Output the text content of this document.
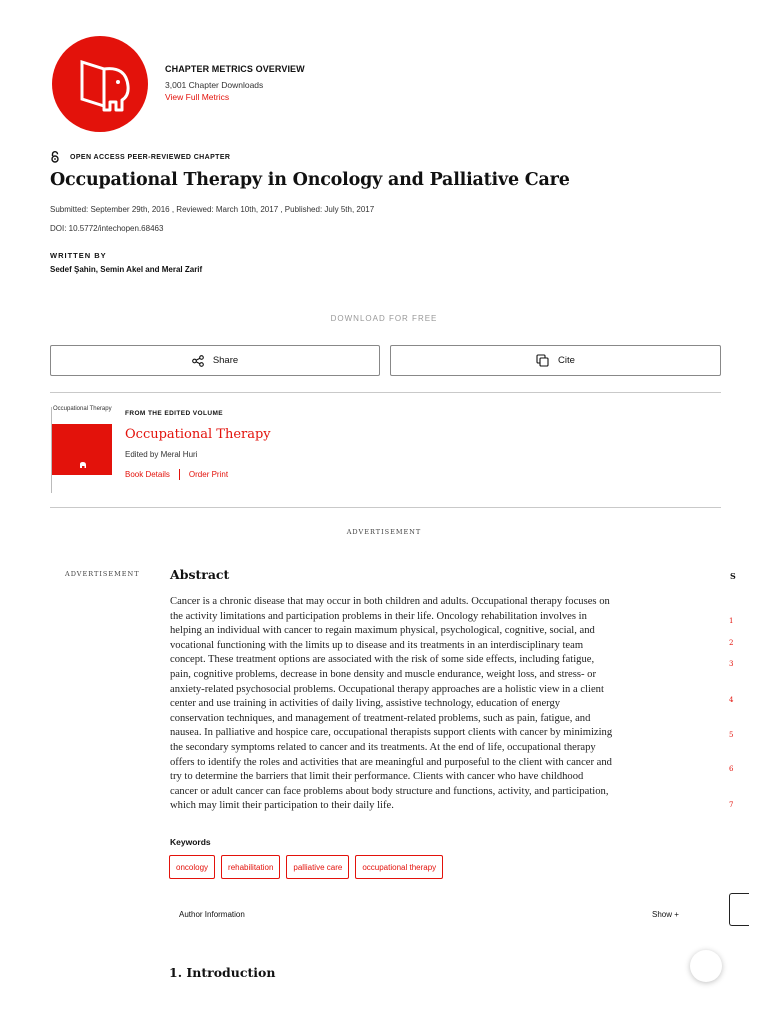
CHAPTER METRICS OVERVIEW
3,001 Chapter Downloads
View Full Metrics
OPEN ACCESS PEER-REVIEWED CHAPTER
Occupational Therapy in Oncology and Palliative Care
Submitted: September 29th, 2016 , Reviewed: March 10th, 2017 , Published: July 5th, 2017
DOI: 10.5772/intechopen.68463
WRITTEN BY
Sedef Şahin, Semin Akel and Meral Zarif
DOWNLOAD FOR FREE
Share	Cite
Occupational Therapy
FROM THE EDITED VOLUME
Occupational Therapy
Edited by Meral Huri
Book Details Order Print
ADVERTISEMENT
ADVERTISEMENT Abstract

Cancer is a chronic disease that may occur in both children and adults. Occupational therapy focuses on
the activity limitations and participation problems in their life. Oncology rehabilitation involves in
helping an individual with cancer to regain maximum physical, psychological, cognitive, social, and
vocational functioning with the limits up to disease and its treatments in an interdisciplinary team
concept. These treatment options are associated with the risk of some side effects, including fatigue,
pain, cognitive problems, decrease in bone density and muscle endurance, weight loss, and stress- or
anxiety-related psychosocial problems. Occupational therapy approaches are a holistic view in a client
center and use training in activities of daily living, assistive technology, education of energy
conservation techniques, and management of treatment-related problems, such as pain, fatigue, and
nausea. In palliative and hospice care, occupational therapists support clients with cancer by minimizing
the secondary symptoms related to cancer and its treatments. At the end of life, occupational therapy
offers to identify the roles and activities that are meaningful and purposeful to the client with cancer and
try to determine the barriers that limit their performance. Clients with cancer who have childhood
cancer or adult cancer can face problems about body structure and functions, activity, and participation,
which may limit their participation to their daily life.

Keywords
oncology	rehabilitation	palliative care	occupational therapy
Author Information	Show +
1. Introduction
S
1
2
3
4
5
6
7
